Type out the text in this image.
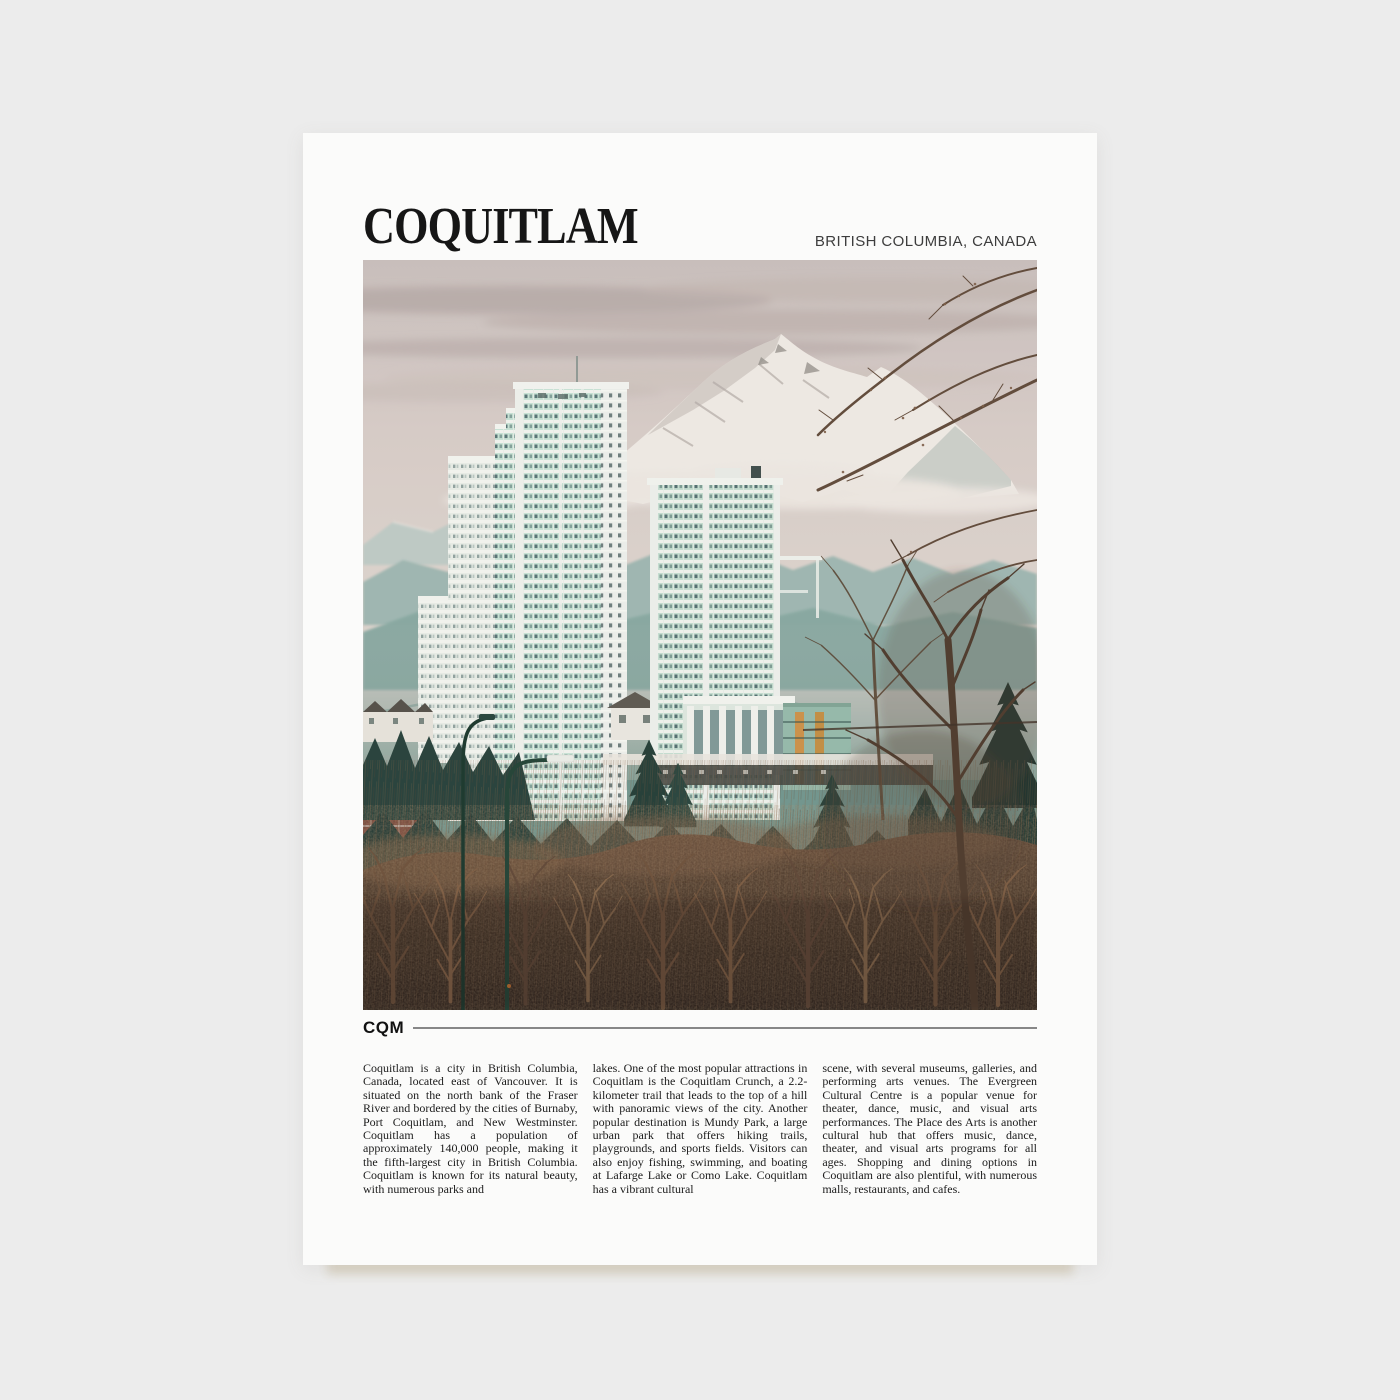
COQUITLAM	BRITISH COLUMBIA, CANADA

CQM

Coquitlam is a city in British Columbia, Canada, located east of Vancouver. It is situated on the north bank of the Fraser River and bordered by the cities of Burnaby, Port Coquitlam, and New Westminster. Coquitlam has a population of approximately 140,000 people, making it the fifth-largest city in British Columbia. Coquitlam is known for its natural beauty, with numerous parks and

lakes. One of the most popular attractions in Coquitlam is the Coquitlam Crunch, a 2.2-kilometer trail that leads to the top of a hill with panoramic views of the city. Another popular destination is Mundy Park, a large urban park that offers hiking trails, playgrounds, and sports fields. Visitors can also enjoy fishing, swimming, and boating at Lafarge Lake or Como Lake. Coquitlam has a vibrant cultural

scene, with several museums, galleries, and performing arts venues. The Evergreen Cultural Centre is a popular venue for theater, dance, music, and visual arts performances. The Place des Arts is another cultural hub that offers music, dance, theater, and visual arts programs for all ages. Shopping and dining options in Coquitlam are also plentiful, with numerous malls, restaurants, and cafes.
